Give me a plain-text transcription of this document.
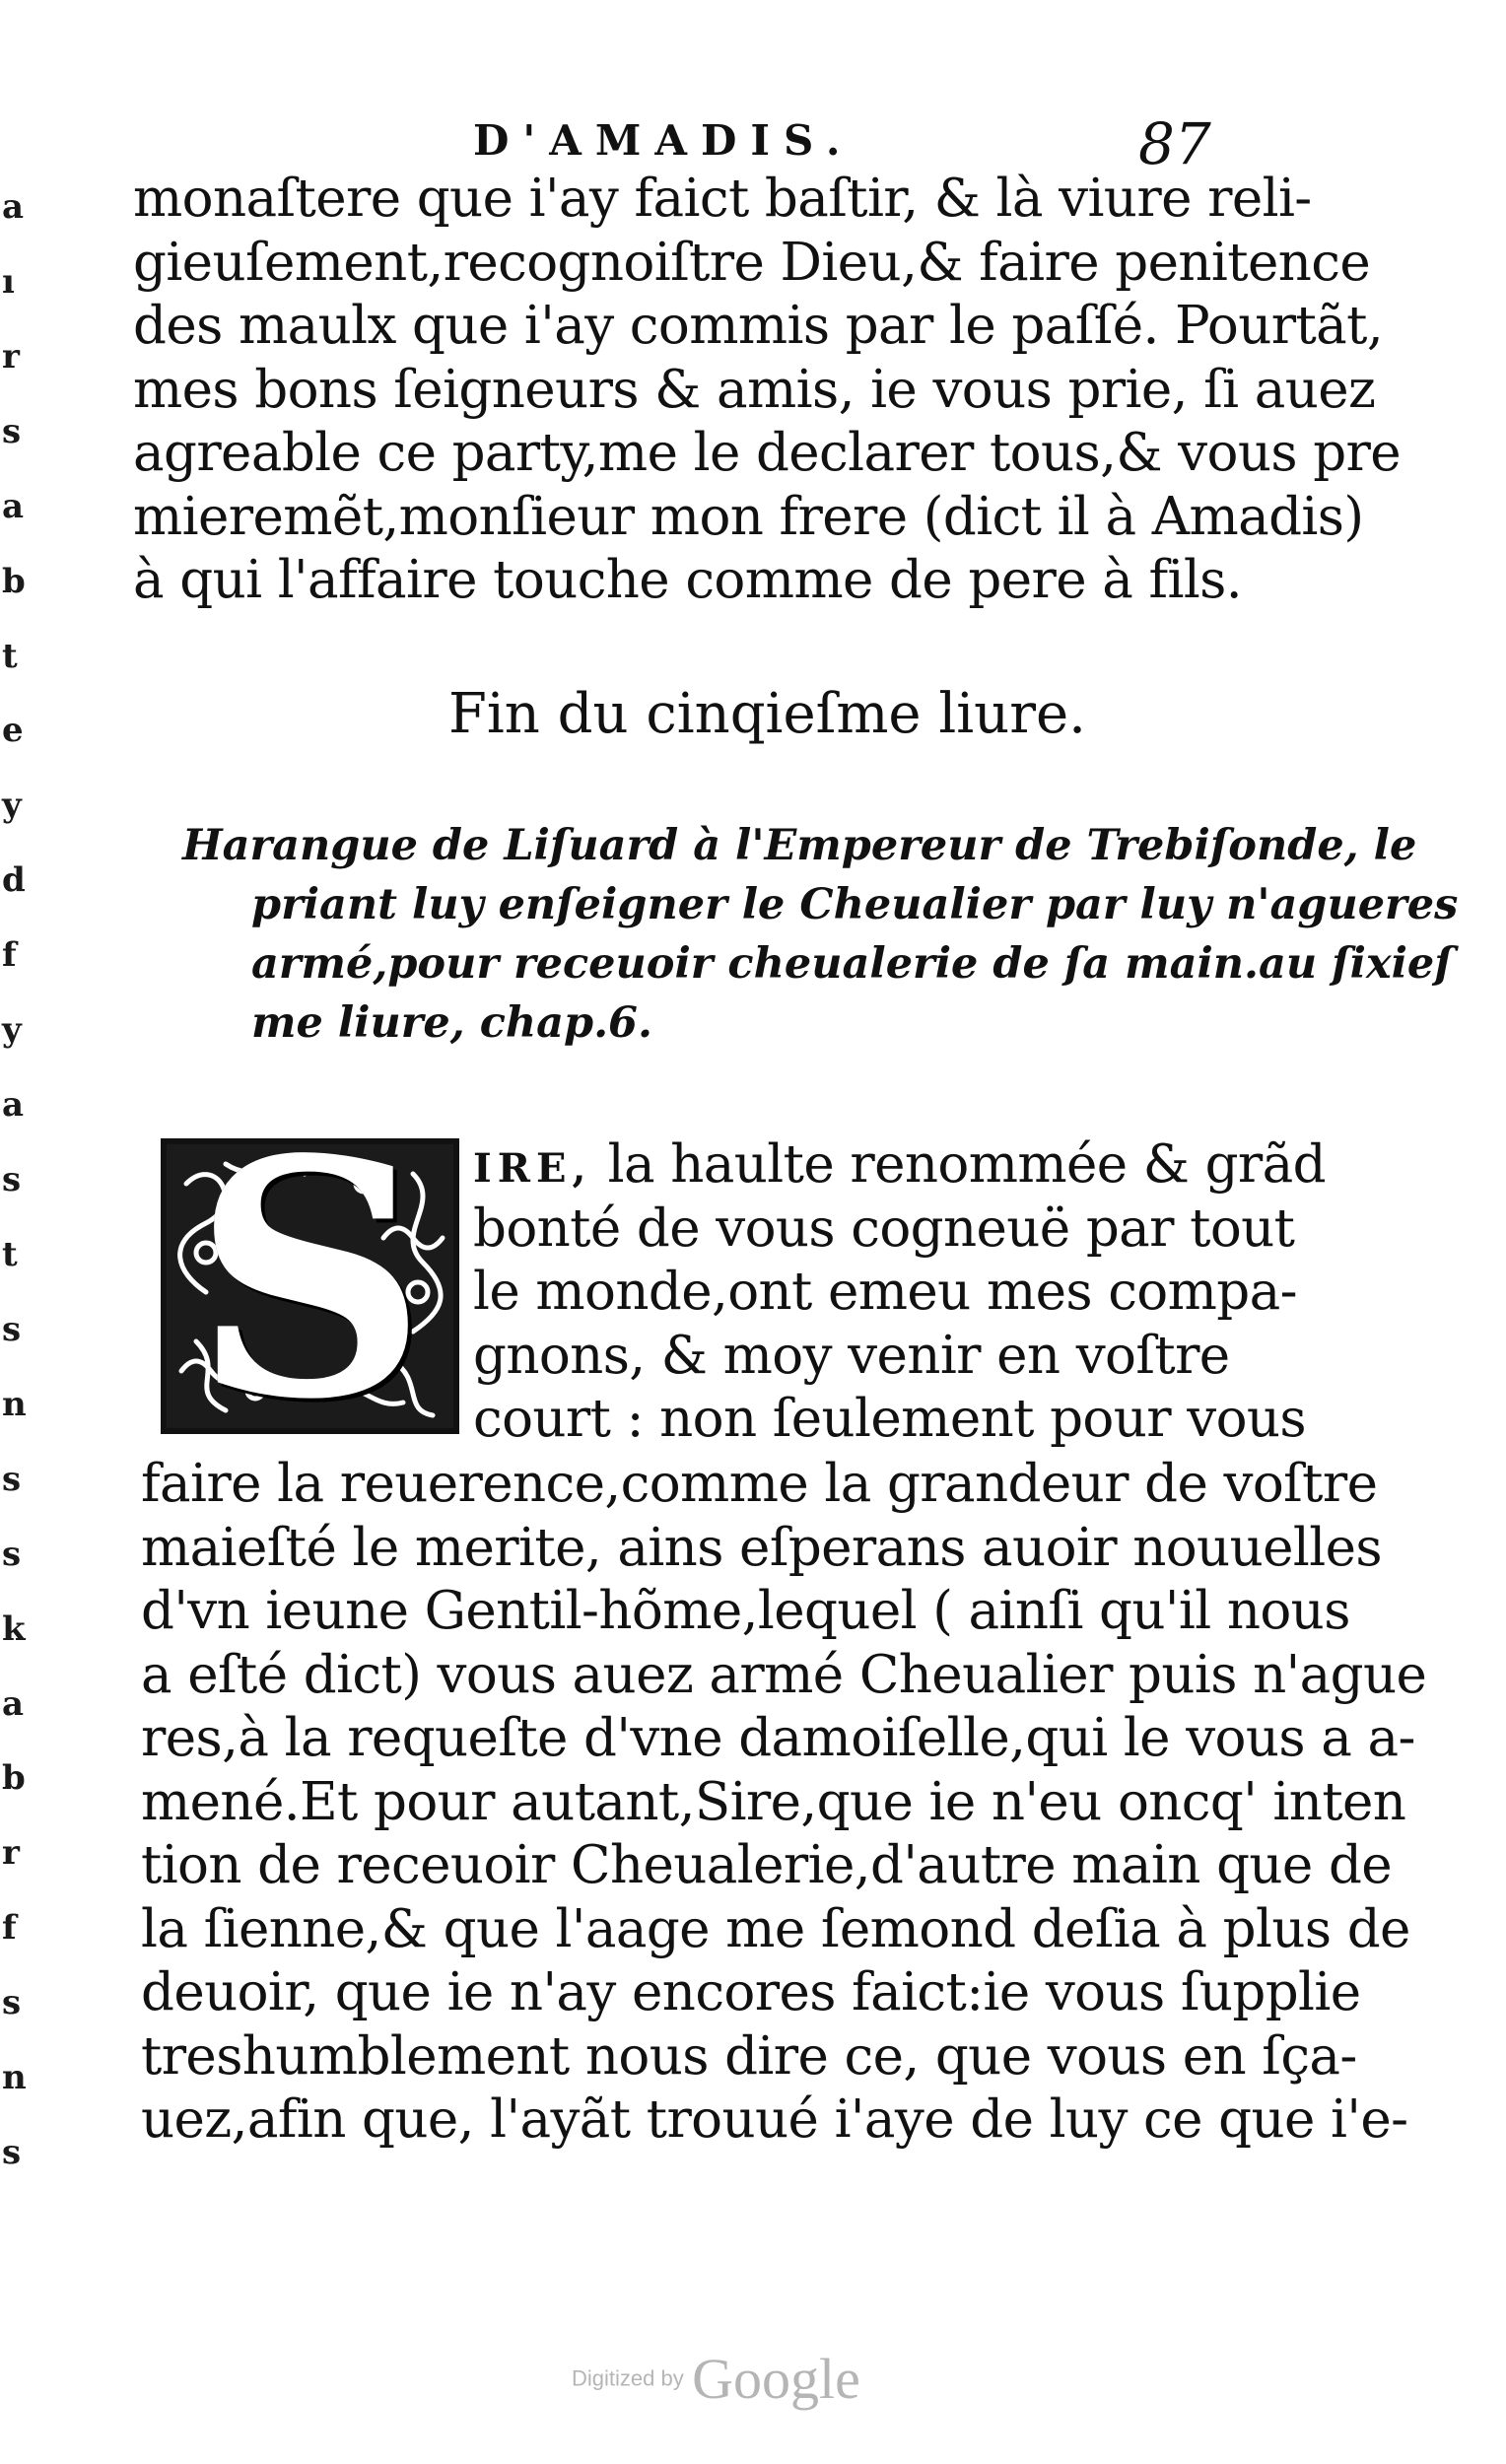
a
ı
r
s
a
b
t
e
y
d
f
y
a
s
t
s
n
s
s
k
a
b
r
f
s
n
s
D'AMADIS.	87
monaſtere que i'ay faict baſtir, & là viure reli-
gieuſement,recognoiſtre Dieu,& faire penitence
des maulx que i'ay commis par le paſſé. Pourtãt,
mes bons ſeigneurs & amis, ie vous prie, ſi auez
agreable ce party,me le declarer tous,& vous pre
mieremẽt,monſieur mon frere (dict il à Amadis)
à qui l'affaire touche comme de pere à fils.
Fin du cinqieſme liure.
Harangue de Liſuard à l'Empereur de Trebiſonde, le
priant luy enſeigner le Cheualier par luy n'agueres
armé,pour receuoir cheualerie de ſa main.au ſixieſ
me liure, chap.6.
S	IRE, la haulte renommée & grãd
bonté de vous cogneuë par tout
le monde,ont emeu mes compa-
gnons, & moy venir en voſtre
court : non ſeulement pour vous
faire la reuerence,comme la grandeur de voſtre
maieſté le merite, ains eſperans auoir nouuelles
d'vn ieune Gentil-hõme,lequel ( ainſi qu'il nous
a eſté dict) vous auez armé Cheualier puis n'ague
res,à la requeſte d'vne damoiſelle,qui le vous a a-
mené.Et pour autant,Sire,que ie n'eu oncq' inten
tion de receuoir Cheualerie,d'autre main que de
la ſienne,& que l'aage me ſemond deſia à plus de
deuoir, que ie n'ay encores faict:ie vous ſupplie
treshumblement nous dire ce, que vous en ſça-
uez,afin que, l'ayãt trouué i'aye de luy ce que i'e-
Digitized by Google
